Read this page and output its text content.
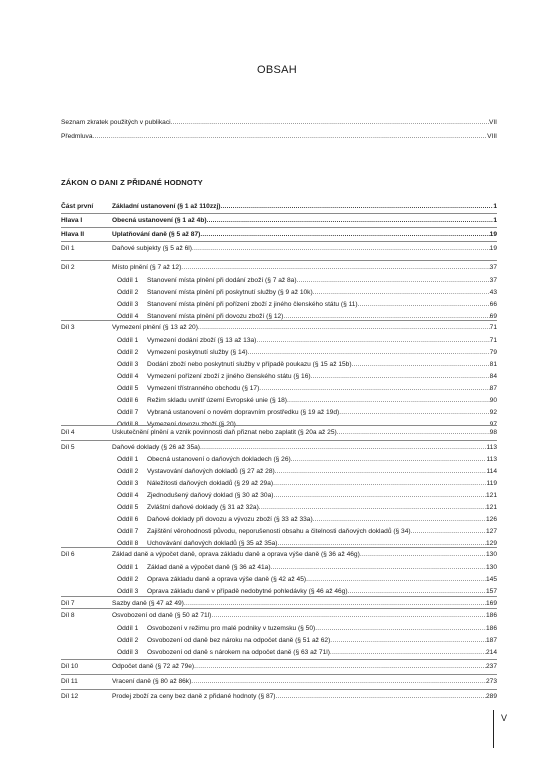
OBSAH
Seznam zkratek použitých v publikaci .....	VII
Předmluva .....	VIII
ZÁKON O DANI Z PŘIDANÉ HODNOTY
Část první	Základní ustanovení (§ 1 až 110zzj) .....	1
Hlava I	Obecná ustanovení (§ 1 až 4b) .....	1
Hlava II	Uplatňování daně (§ 5 až 87) .....	19
Díl 1	Daňové subjekty (§ 5 až 6l) .....	19
Díl 2	Místo plnění (§ 7 až 12) .....	37
Oddíl 1 Stanovení místa plnění při dodání zboží (§ 7 až 8a) .....	37
Oddíl 2 Stanovení místa plnění při poskytnutí služby (§ 9 až 10k) .....	43
Oddíl 3 Stanovení místa plnění při pořízení zboží z jiného členského státu (§ 11) .....	66
Oddíl 4 Stanovení místa plnění při dovozu zboží (§ 12) .....	69
Díl 3	Vymezení plnění (§ 13 až 20) .....	71
Oddíl 1 Vymezení dodání zboží (§ 13 až 13a) .....	71
Oddíl 2 Vymezení poskytnutí služby (§ 14) .....	79
Oddíl 3 Dodání zboží nebo poskytnutí služby v případě poukazu (§ 15 až 15b) .....	81
Oddíl 4 Vymezení pořízení zboží z jiného členského státu (§ 16) .....	84
Oddíl 5 Vymezení třístranného obchodu (§ 17) .....	87
Oddíl 6 Režim skladu uvnitř území Evropské unie (§ 18) .....	90
Oddíl 7 Vybraná ustanovení o novém dopravním prostředku (§ 19 až 19d) .....	92
Oddíl 8 Vymezení dovozu zboží (§ 20) .....	97
Díl 4	Uskutečnění plnění a vznik povinnosti daň přiznat nebo zaplatit (§ 20a až 25) .....	98
Díl 5	Daňové doklady (§ 26 až 35a) .....	113
Oddíl 1 Obecná ustanovení o daňových dokladech (§ 26) .....	113
Oddíl 2 Vystavování daňových dokladů (§ 27 až 28) .....	114
Oddíl 3 Náležitosti daňových dokladů (§ 29 až 29a) .....	119
Oddíl 4 Zjednodušený daňový doklad (§ 30 až 30a) .....	121
Oddíl 5 Zvláštní daňové doklady (§ 31 až 32a) .....	121
Oddíl 6 Daňové doklady při dovozu a vývozu zboží (§ 33 až 33a) .....	126
Oddíl 7 Zajištění věrohodnosti původu, neporušenosti obsahu a čitelnosti daňových dokladů (§ 34) .....	127
Oddíl 8 Uchovávání daňových dokladů (§ 35 až 35a) .....	129
Díl 6	Základ daně a výpočet daně, oprava základu daně a oprava výše daně (§ 36 až 46g) .....	130
Oddíl 1 Základ daně a výpočet daně (§ 36 až 41a) .....	130
Oddíl 2 Oprava základu daně a oprava výše daně (§ 42 až 45) .....	145
Oddíl 3 Oprava základu daně v případě nedobytné pohledávky (§ 46 až 46g) .....	157
Díl 7	Sazby daně (§ 47 až 49) .....	169
Díl 8	Osvobození od daně (§ 50 až 71l) .....	186
Oddíl 1 Osvobození v režimu pro malé podniky v tuzemsku (§ 50) .....	186
Oddíl 2 Osvobození od daně bez nároku na odpočet daně (§ 51 až 62) .....	187
Oddíl 3 Osvobození od daně s nárokem na odpočet daně (§ 63 až 71l) .....	214
Díl 10	Odpočet daně (§ 72 až 79e) .....	237
Díl 11	Vracení daně (§ 80 až 86k) .....	273
Díl 12	Prodej zboží za ceny bez daně z přidané hodnoty (§ 87) .....	289
V
